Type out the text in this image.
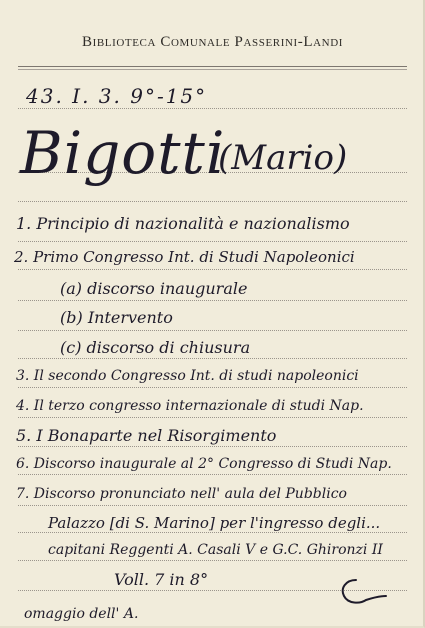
Biblioteca Comunale Passerini-Landi
43. I. 3. 9°-15°
Bigotti
(Mario)
1. Principio di nazionalità e nazionalismo
2. Primo Congresso Int. di Studi Napoleonici
(a) discorso inaugurale
(b) Intervento
(c) discorso di chiusura
3. Il secondo Congresso Int. di studi napoleonici
4. Il terzo congresso internazionale di studi Nap.
5. I Bonaparte nel Risorgimento
6. Discorso inaugurale al 2° Congresso di Studi Nap.
7. Discorso pronunciato nell' aula del Pubblico
Palazzo [di S. Marino] per l'ingresso degli...
capitani Reggenti A. Casali V e G.C. Ghironzi II
Voll. 7 in 8°
omaggio dell' A.
